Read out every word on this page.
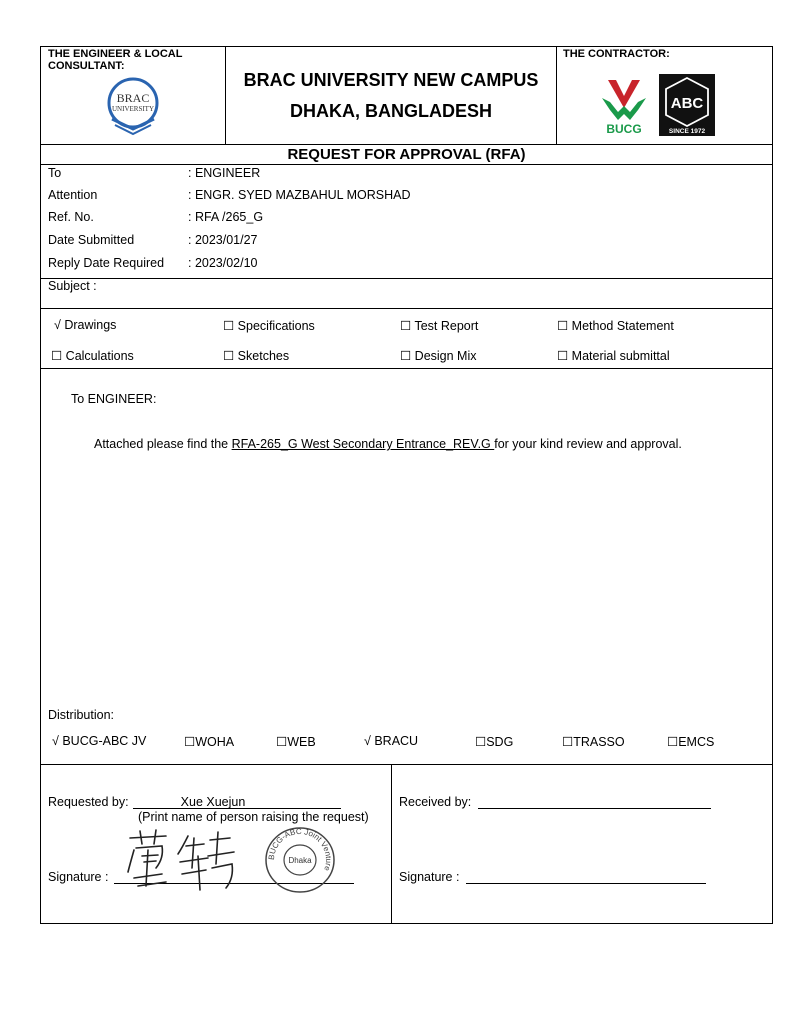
THE ENGINEER & LOCAL CONSULTANT:
BRAC
UNIVERSITY
BRAC UNIVERSITY NEW CAMPUS
DHAKA, BANGLADESH
THE CONTRACTOR:
BUCG
ABC
SINCE 1972
REQUEST FOR APPROVAL (RFA)
To	: ENGINEER
Attention	: ENGR. SYED MAZBAHUL MORSHAD
Ref. No.	: RFA /265_G
Date Submitted	: 2023/01/27
Reply Date Required : 2023/02/10
Subject :
√ Drawings	☐ Specifications	☐ Test Report	☐ Method Statement
☐ Calculations	☐ Sketches	☐ Design Mix	☐ Material submittal
To ENGINEER:
Attached please find the RFA-265_G West Secondary Entrance_REV.G for your kind review and approval.
Distribution:
√ BUCG-ABC JV	☐WOHA	☐WEB	√ BRACU	☐SDG	☐TRASSO	☐EMCS
Requested by:	Xue Xuejun
(Print name of person raising the request)
Signature :
BUCG-ABC Joint Venture
Dhaka
Received by:
Signature :
